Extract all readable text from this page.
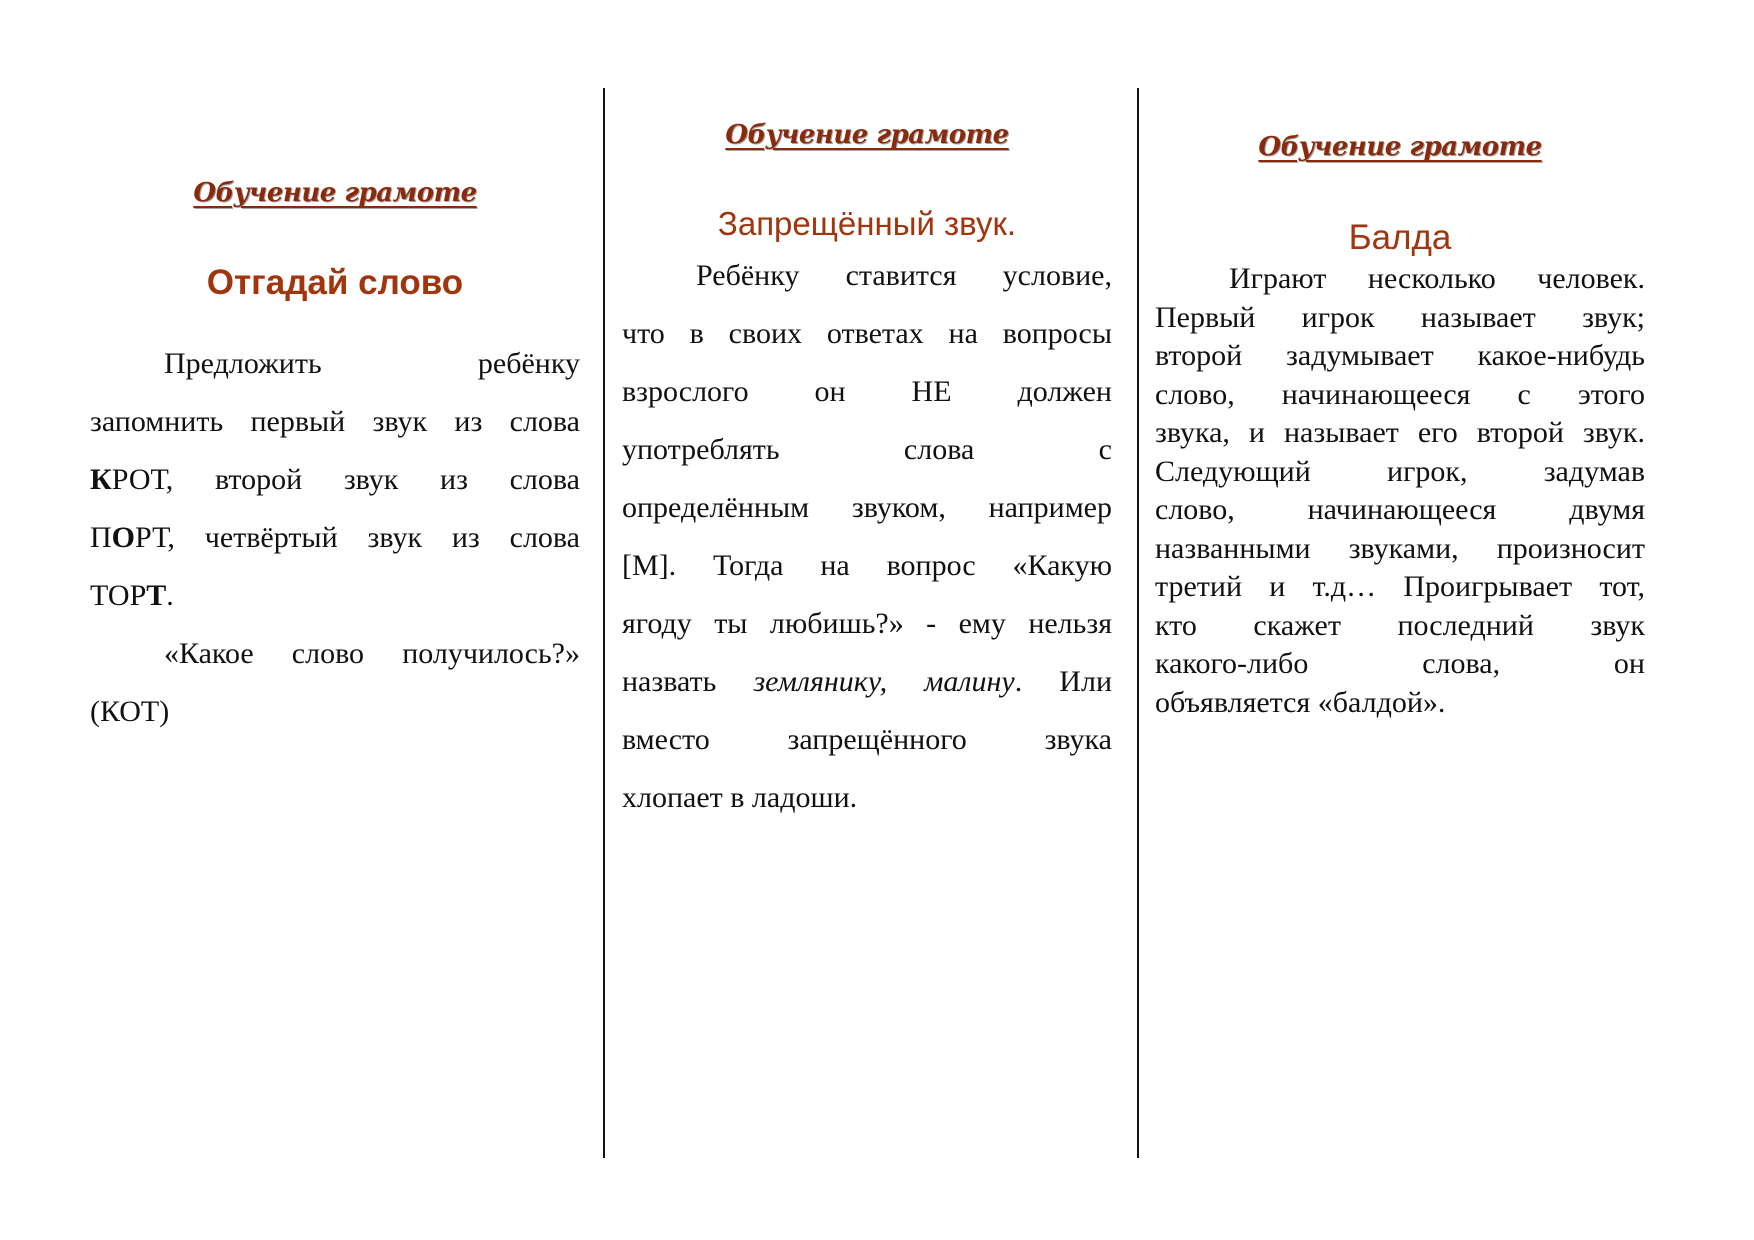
Обучение грамоте
Отгадай слово
Предложить ребёнку
запомнить первый звук из слова
КРОТ, второй звук из слова
ПОРТ, четвёртый звук из слова
ТОРТ.
«Какое слово получилось?»
(КОТ)
Обучение грамоте
Запрещённый звук.
Ребёнку ставится условие,
что в своих ответах на вопросы
взрослого он НЕ должен
употреблять слова с
определённым звуком, например
[М]. Тогда на вопрос «Какую
ягоду ты любишь?» - ему нельзя
назвать землянику, малину. Или
вместо запрещённого звука
хлопает в ладоши.
Обучение грамоте
Балда
Играют несколько человек.
Первый игрок называет звук;
второй задумывает какое-нибудь
слово, начинающееся с этого
звука, и называет его второй звук.
Следующий игрок, задумав
слово, начинающееся двумя
названными звуками, произносит
третий и т.д… Проигрывает тот,
кто скажет последний звук
какого-либо слова, он
объявляется «балдой».
